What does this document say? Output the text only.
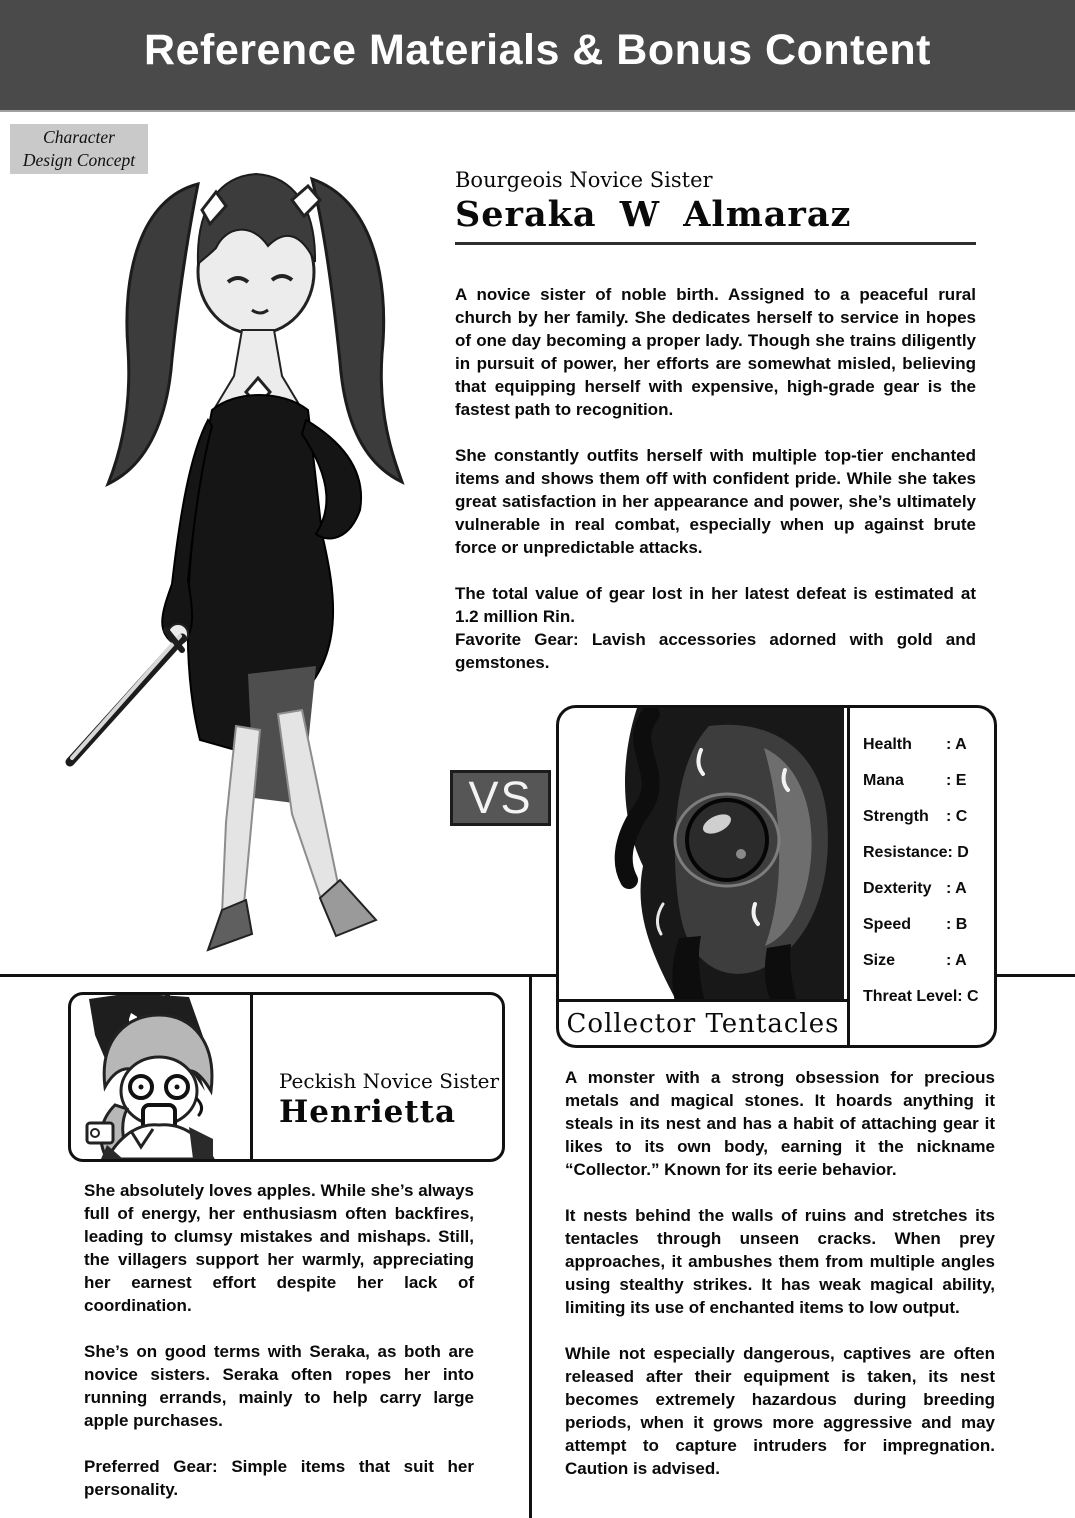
Reference Materials & Bonus Content
Character
Design Concept
Bourgeois Novice Sister
Seraka W Almaraz

A novice sister of noble birth. Assigned to a peaceful rural church by her family. She dedicates herself to service in hopes of one day becoming a proper lady. Though she trains diligently in pursuit of power, her efforts are somewhat misled, believing that equipping herself with expensive, high-grade gear is the fastest path to recognition.

She constantly outfits herself with multiple top-tier enchanted items and shows them off with confident pride. While she takes great satisfaction in her appearance and power, she’s ultimately vulnerable in real combat, especially when up against brute force or unpredictable attacks.

The total value of gear lost in her latest defeat is estimated at 1.2 million Rin.

Favorite Gear: Lavish accessories adorned with gold and gemstones.

VS
Collector Tentacles
Health	: A
Mana	: E
Strength	: C
Resistance : D
Dexterity : A
Speed	: B
Size	: A
Threat Level : C
Peckish Novice Sister
Henrietta

She absolutely loves apples. While she’s always full of energy, her enthusiasm often backfires, leading to clumsy mistakes and mishaps. Still, the villagers support her warmly, appreciating her earnest effort despite her lack of coordination.

She’s on good terms with Seraka, as both are novice sisters. Seraka often ropes her into running errands, mainly to help carry large apple purchases.

Preferred Gear: Simple items that suit her personality.

A monster with a strong obsession for precious metals and magical stones. It hoards anything it steals in its nest and has a habit of attaching gear it likes to its own body, earning it the nickname “Collector.” Known for its eerie behavior.

It nests behind the walls of ruins and stretches its tentacles through unseen cracks. When prey approaches, it ambushes them from multiple angles using stealthy strikes. It has weak magical ability, limiting its use of enchanted items to low output.

While not especially dangerous, captives are often released after their equipment is taken, its nest becomes extremely hazardous during breeding periods, when it grows more aggressive and may attempt to capture intruders for impregnation. Caution is advised.
